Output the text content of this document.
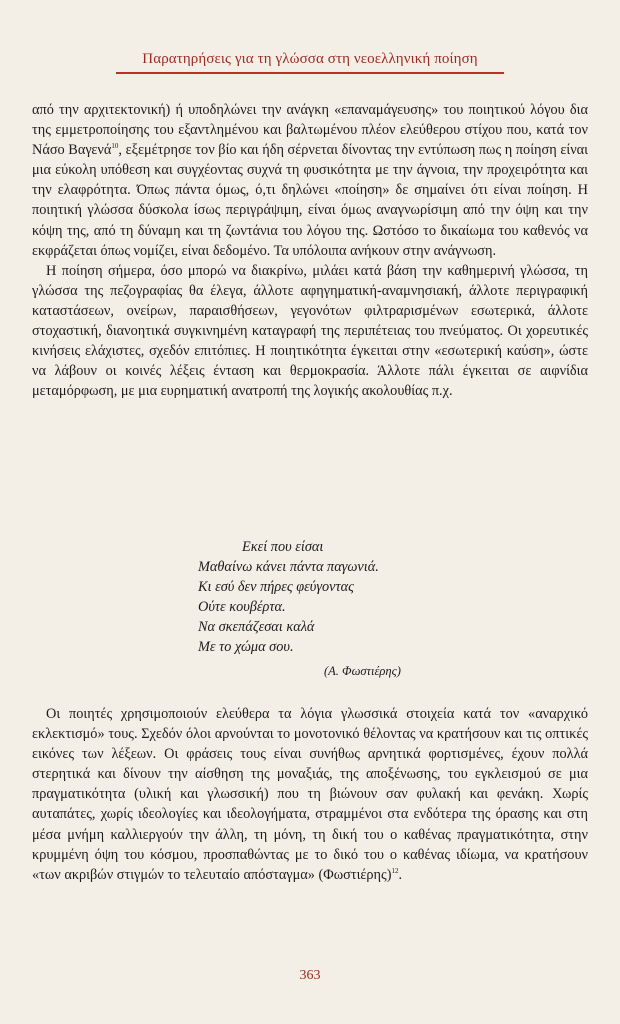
Παρατηρήσεις για τη γλώσσα στη νεοελληνική ποίηση

από την αρχιτεκτονική) ή υποδηλώνει την ανάγκη «επαναμάγευσης» του ποιητικού λόγου δια της εμμετροποίησης του εξαντλημένου και βαλτωμένου πλέον ελεύθερου στίχου που, κατά τον Νάσο Βαγενά$^{10}$, εξεμέτρησε τον βίο και ήδη σέρνεται δίνοντας την εντύπωση πως η ποίηση είναι μια εύκολη υπόθεση και συγχέοντας συχνά τη φυσικότητα με την άγνοια, την προχειρότητα και την ελαφρότητα. Όπως πάντα όμως, ό,τι δηλώνει «ποίηση» δε σημαίνει ότι είναι ποίηση. Η ποιητική γλώσσα δύσκολα ίσως περιγράψιμη, είναι όμως αναγνωρίσιμη από την όψη και την κόψη της, από τη δύναμη και τη ζωντάνια του λόγου της. Ωστόσο το δικαίωμα του καθενός να εκφράζεται όπως νομίζει, είναι δεδομένο. Τα υπόλοιπα ανήκουν στην ανάγνωση.

Η ποίηση σήμερα, όσο μπορώ να διακρίνω, μιλάει κατά βάση την καθημερινή γλώσσα, τη γλώσσα της πεζογραφίας θα έλεγα, άλλοτε αφηγηματική-αναμνησιακή, άλλοτε περιγραφική καταστάσεων, ονείρων, παραισθήσεων, γεγονότων φιλτραρισμένων εσωτερικά, άλλοτε στοχαστική, διανοητικά συγκινημένη καταγραφή της περιπέτειας του πνεύματος. Οι χορευτικές κινήσεις ελάχιστες, σχεδόν επιτόπιες. Η ποιητικότητα έγκειται στην «εσωτερική καύση», ώστε να λάβουν οι κοινές λέξεις ένταση και θερμοκρασία. Άλλοτε πάλι έγκειται σε αιφνίδια μεταμόρφωση, με μια ευρηματική ανατροπή της λογικής ακολουθίας π.χ.

Εκεί που είσαι
Μαθαίνω κάνει πάντα παγωνιά.
Κι εσύ δεν πήρες φεύγοντας
Ούτε κουβέρτα.
Να σκεπάζεσαι καλά
Με το χώμα σου.
(Α. Φωστιέρης)

Οι ποιητές χρησιμοποιούν ελεύθερα τα λόγια γλωσσικά στοιχεία κατά τον «αναρχικό εκλεκτισμό» τους. Σχεδόν όλοι αρνούνται το μονοτονικό θέλοντας να κρατήσουν και τις οπτικές εικόνες των λέξεων. Οι φράσεις τους είναι συνήθως αρνητικά φορτισμένες, έχουν πολλά στερητικά και δίνουν την αίσθηση της μοναξιάς, της αποξένωσης, του εγκλεισμού σε μια πραγματικότητα (υλική και γλωσσική) που τη βιώνουν σαν φυλακή και φενάκη. Χωρίς αυταπάτες, χωρίς ιδεολογίες και ιδεολογήματα, στραμμένοι στα ενδότερα της όρασης και στη μέσα μνήμη καλλιεργούν την άλλη, τη μόνη, τη δική του ο καθένας πραγματικότητα, στην κρυμμένη όψη του κόσμου, προσπαθώντας με το δικό του ο καθένας ιδίωμα, να κρατήσουν «των ακριβών στιγμών το τελευταίο απόσταγμα» $(\Phi\omega\sigma\tau\iota έ\rho\eta\varsigma)^{12}$.

363
